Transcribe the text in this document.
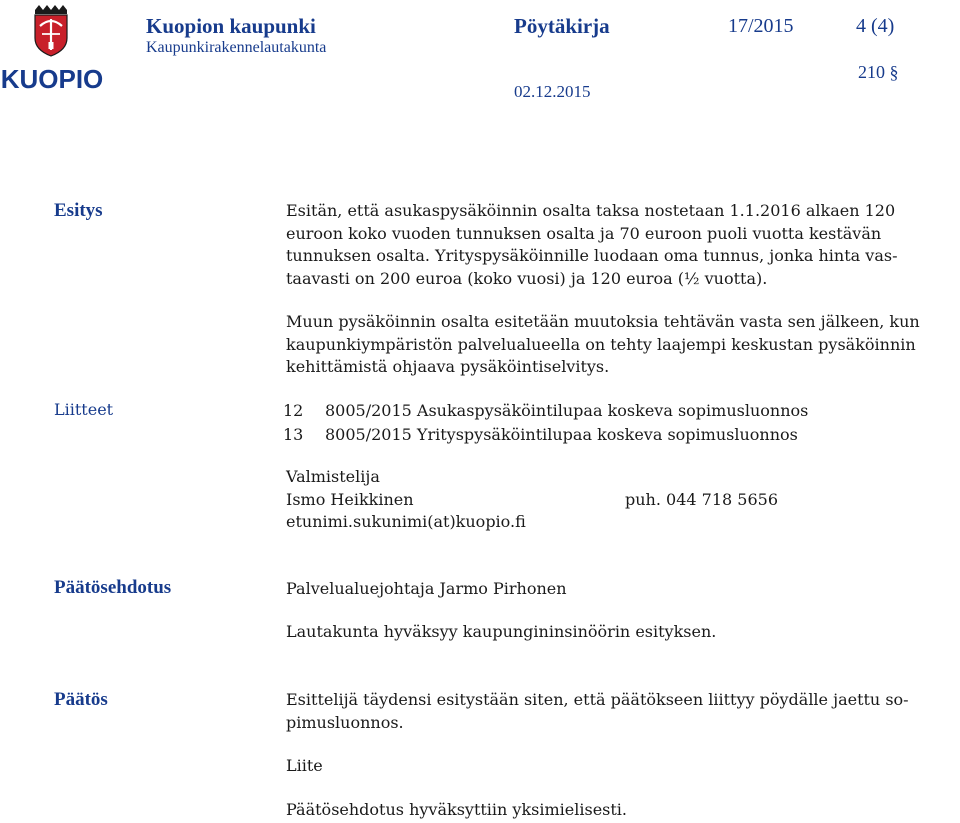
KUOPIO
Kuopion kaupunki
Kaupunkirakennelautakunta
Pöytäkirja	17/2015	4 (4)
210 §
02.12.2015
Esitys	Esitän, että asukaspysäköinnin osalta taksa nostetaan 1.1.2016 alkaen 120
euroon koko vuoden tunnuksen osalta ja 70 euroon puoli vuotta kestävän
tunnuksen osalta. Yrityspysäköinnille luodaan oma tunnus, jonka hinta vas-
taavasti on 200 euroa (koko vuosi) ja 120 euroa (½ vuotta).
Muun pysäköinnin osalta esitetään muutoksia tehtävän vasta sen jälkeen, kun
kaupunkiympäristön palvelualueella on tehty laajempi keskustan pysäköinnin
kehittämistä ohjaava pysäköintiselvitys.
Liitteet	12 8005/2015 Asukaspysäköintilupaa koskeva sopimusluonnos
13 8005/2015 Yrityspysäköintilupaa koskeva sopimusluonnos
Valmistelija
Ismo Heikkinen	puh. 044 718 5656
etunimi.sukunimi(at)kuopio.fi
Päätösehdotus	Palvelualuejohtaja Jarmo Pirhonen
Lautakunta hyväksyy kaupungininsinöörin esityksen.
Päätös	Esittelijä täydensi esitystään siten, että päätökseen liittyy pöydälle jaettu so-
pimusluonnos.
Liite
Päätösehdotus hyväksyttiin yksimielisesti.
